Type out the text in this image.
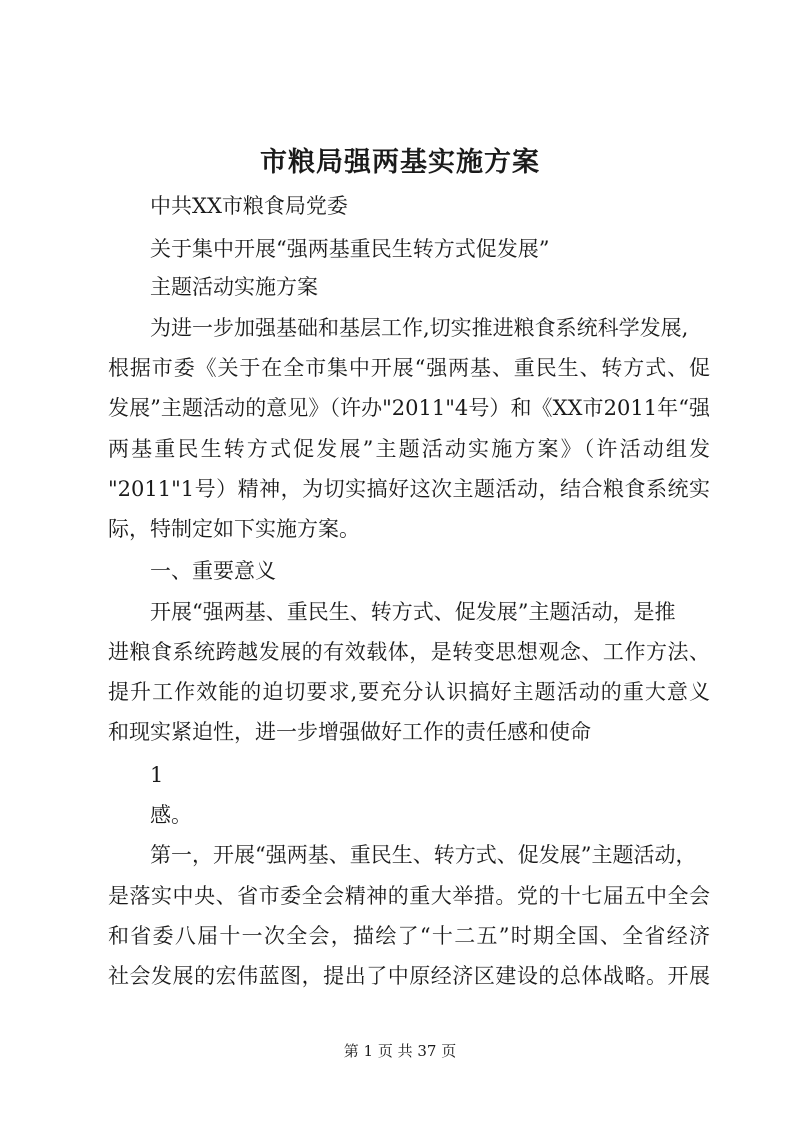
市粮局强两基实施方案

中共XX市粮食局党委

关于集中开展“强两基重民生转方式促发展”

主题活动实施方案

为进一步加强基础和基层工作,切实推进粮食系统科学发展,

根据市委《关于在全市集中开展“强两基、重民生、转方式、促

发展”主题活动的意见》（许办"2011"4号）和《XX市2011年“强

两基重民生转方式促发展”主题活动实施方案》（许活动组发

"2011"1号）精神，为切实搞好这次主题活动，结合粮食系统实

际，特制定如下实施方案。

一、重要意义

开展“强两基、重民生、转方式、促发展”主题活动，是推

进粮食系统跨越发展的有效载体，是转变思想观念、工作方法、

提升工作效能的迫切要求,要充分认识搞好主题活动的重大意义

和现实紧迫性，进一步增强做好工作的责任感和使命

1

感。

第一，开展“强两基、重民生、转方式、促发展”主题活动，

是落实中央、省市委全会精神的重大举措。党的十七届五中全会

和省委八届十一次全会，描绘了“十二五”时期全国、全省经济

社会发展的宏伟蓝图，提出了中原经济区建设的总体战略。开展

第 1 页 共 37 页
